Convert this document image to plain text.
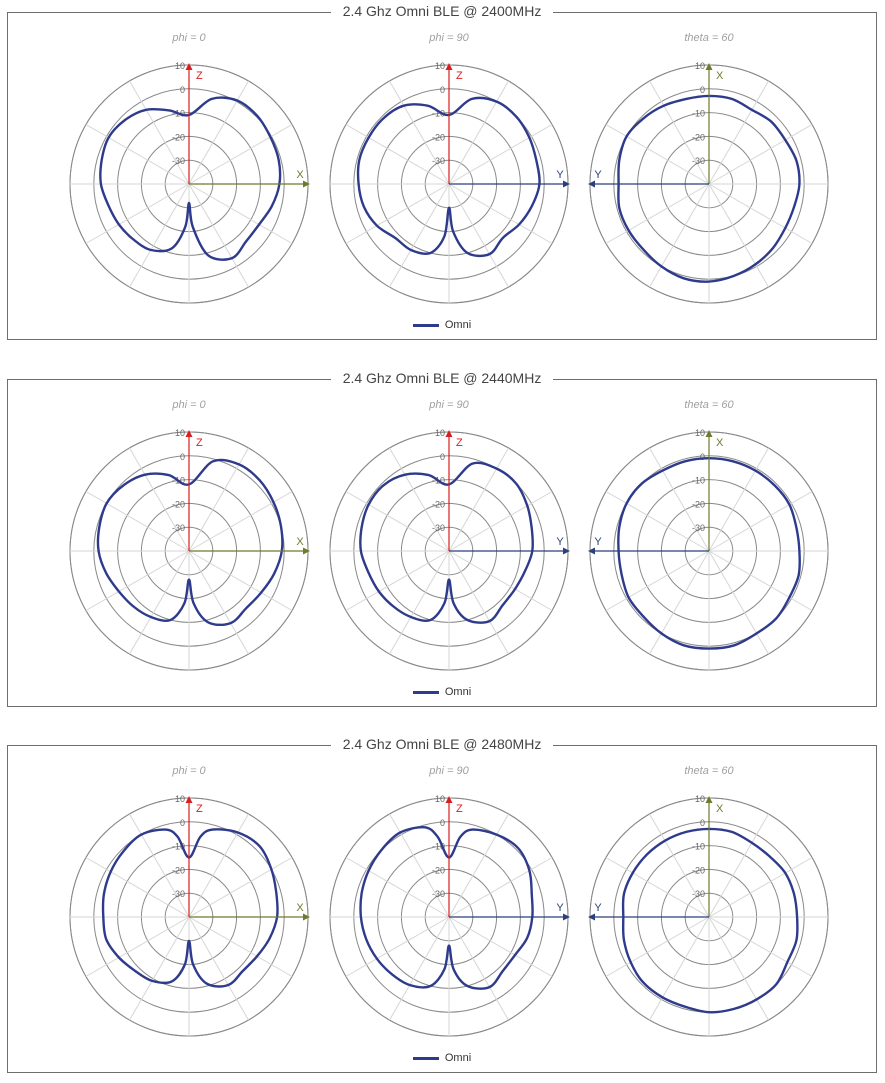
2.4 Ghz Omni BLE @ 2400MHz
phi = 0
10
0
-10
-20
-30
Z
X
phi = 90
10
0
-10
-20
-30
Z
Y
theta = 60
10
0
-10
-20
-30
X
Y
Omni
2.4 Ghz Omni BLE @ 2440MHz
phi = 0
10
0
-10
-20
-30
Z
X
phi = 90
10
0
-10
-20
-30
Z
Y
theta = 60
10
0
-10
-20
-30
X
Y
Omni
2.4 Ghz Omni BLE @ 2480MHz
phi = 0
10
0
-10
-20
-30
Z
X
phi = 90
10
0
-10
-20
-30
Z
Y
theta = 60
10
0
-10
-20
-30
X
Y
Omni
